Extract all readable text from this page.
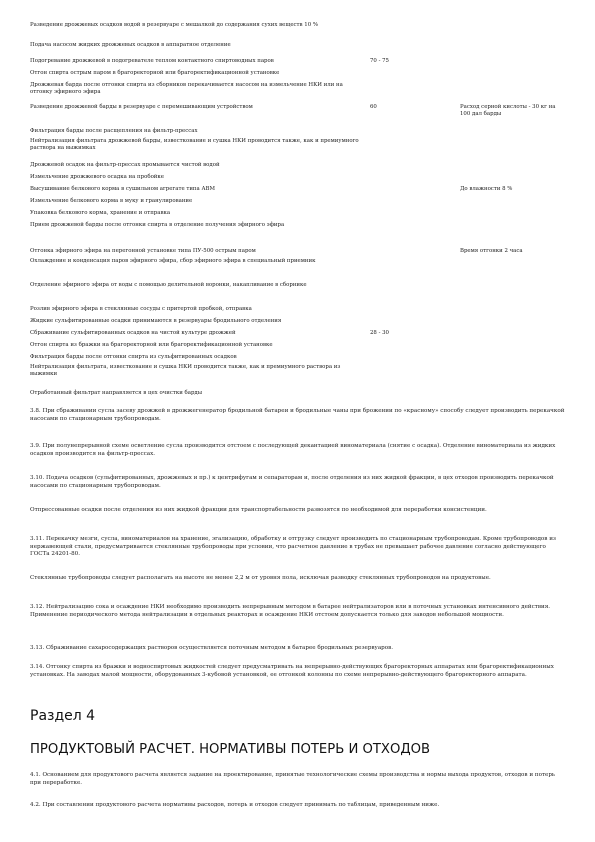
Разведение дрожжевых осадков водой в резервуаре с мешалкой до содержания сухих веществ 10 %
Подача насосом жидких дрожжевых осадков в аппаратное отделение
Подогревание дрожжевой в подогревателе теплом контактного спиртоводных паров	70 - 75
Отгон спирта острым паром в брагоректорной или брагоректификационной установке
Дрожжевая барда после отгонки спирта из сборников перекачивается насосом на измельчение НКИ или на отгонку эфирного эфира
Разведение дрожжевой барды в резервуаре с перемешивающим устройством	60	Расход серной кислоты - 30 кг на 100 дал барды
Фильтрация барды после расщепления на фильтр-прессах
Нейтрализация фильтрата дрожжевой барды, известкование и сушка НКИ проводится также, как и премиумного раствора на выжимках
Дрожжевой осадок на фильтр-прессах промывается чистой водой
Измельчение дрожжевого осадка на пробойке
Высушивание белкового корма в сушильном агрегате типа АВМ	До влажности 8 %
Измельчение белкового корма в муку и гранулирование
Упаковка белкового корма, хранение и отправка
Прием дрожжевой барды после отгонки спирта в отделение получения эфирного эфира
Отгонка эфирного эфира на перегонной установке типа ПУ-500 острым паром	Время отгонки 2 часа
Охлаждение и конденсация паров эфирного эфира, сбор эфирного эфира в специальный приемник
Отделение эфирного эфира от воды с помощью делительной воронки, накапливание в сборнике
Розлив эфирного эфира в стеклянные сосуды с притертой пробкой, отправка
Жидкие сульфитированные осадки принимаются в резервуары бродильного отделения
Сбраживание сульфитированных осадков на чистой культуре дрожжей	28 - 30
Отгон спирта из бражки на брагоректорной или брагоректификационной установке
Фильтрация барды после отгонки спирта из сульфитированных осадков
Нейтрализация фильтрата, известкование и сушка НКИ проводится также, как и премиумного раствора из выжимки
Отработанный фильтрат направляется в цех очистки барды
3.8. При сбраживании сусла засеву дрожжей в дрожжегенератор бродильной батареи и бродильные чаны при брожении по «красному» способу следует производить перекачкой насосами по стационарным трубопроводам.
3.9. При полунепрерывной схеме осветление сусла производится отстоем с последующей декантацией виноматериала (снятие с осадка). Отделение виноматериала из жидких осадков производится на фильтр-прессах.
3.10. Подача осадков (сульфитированных, дрожжевых и пр.) к центрифугам и сепараторам и, после отделения из них жидкой фракции, в цех отходов производить перекачкой насосами по стационарным трубопроводам.
Отпрессованные осадки после отделения из них жидкой фракции для транспортабельности развозятся по необходимой для переработки консистенции.
3.11. Перекачку мезги, сусла, виноматериалов на хранение, эгализацию, обработку и отгрузку следует производить по стационарным трубопроводам. Кроме трубопроводов из нержавеющей стали, предусматривается стеклянные трубопроводы при условии, что расчетное давление в трубах не превышает рабочее давление согласно действующего ГОСТа 24201-80.
Стеклянные трубопроводы следует располагать на высоте не менее 2,2 м от уровня пола, исключая разводку стеклянных трубопроводов на продуктовые.
3.12. Нейтрализацию сока и осаждение НКИ необходимо производить непрерывным методом в батарее нейтрализаторов или в поточных установках интенсивного действия. Применение периодического метода нейтрализации в отдельных реакторах и осаждение НКИ отстоем допускается только для заводов небольшой мощности.
3.13. Сбраживание сахаросодержащих растворов осуществляется поточным методом в батарее бродильных резервуаров.
3.14. Отгонку спирта из бражки и водноспиртовых жидкостей следует предусматривать на непрерывно-действующих брагоректорных аппаратах или брагоректификационных установках. На заводах малой мощности, оборудованных 3-кубовой установкой, ее отгонкой колонны по схеме непрерывно-действующего брагоректорного аппарата.
Раздел 4
ПРОДУКТОВЫЙ РАСЧЕТ. НОРМАТИВЫ ПОТЕРЬ И ОТХОДОВ
4.1. Основанием для продуктового расчета является задание на проектирование, принятые технологические схемы производства и нормы выхода продуктов, отходов и потерь при переработке.
4.2. При составлении продуктового расчета нормативы расходов, потерь и отходов следует принимать по таблицам, приведенным ниже.
